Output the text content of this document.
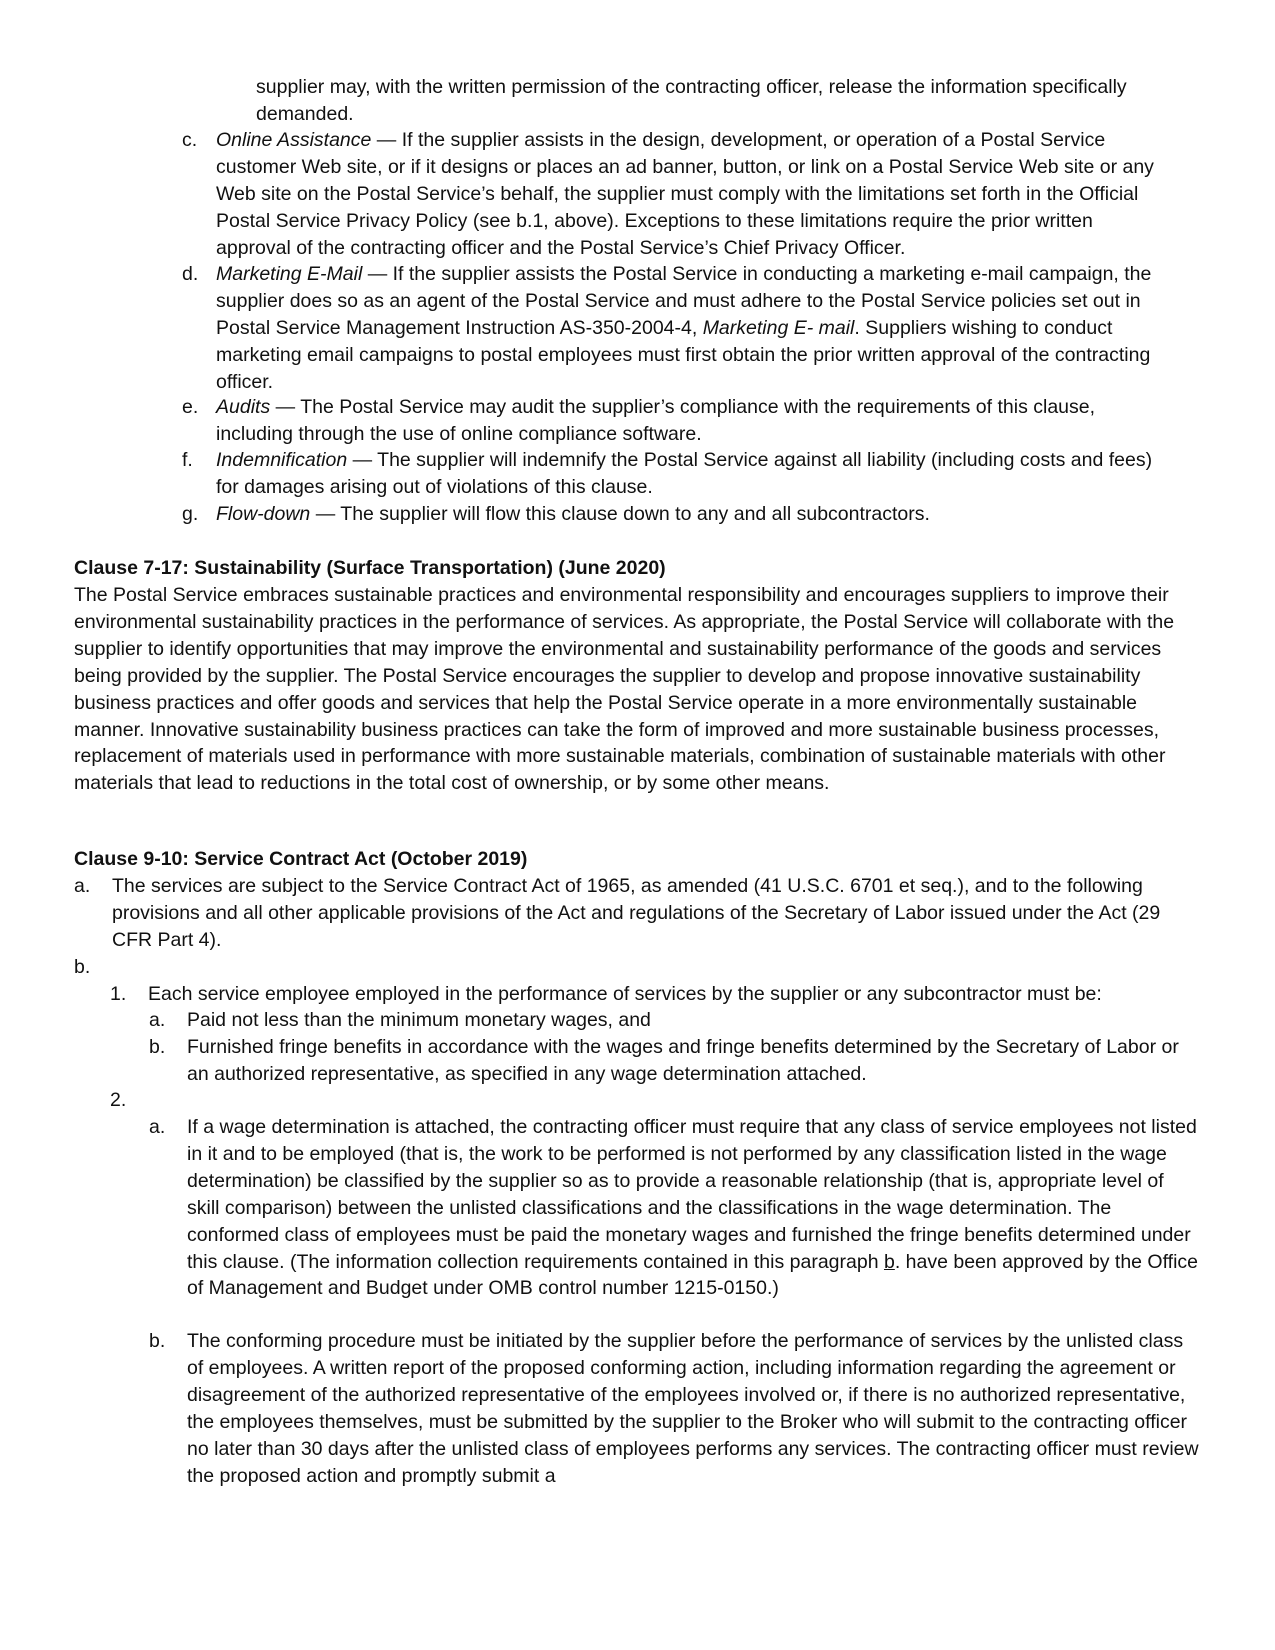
supplier may, with the written permission of the contracting officer, release the information specifically demanded.

c. Online Assistance — If the supplier assists in the design, development, or operation of a Postal Service customer Web site, or if it designs or places an ad banner, button, or link on a Postal Service Web site or any Web site on the Postal Service’s behalf, the supplier must comply with the limitations set forth in the Official Postal Service Privacy Policy (see b.1, above). Exceptions to these limitations require the prior written approval of the contracting officer and the Postal Service’s Chief Privacy Officer.

d. Marketing E-Mail — If the supplier assists the Postal Service in conducting a marketing e-mail campaign, the supplier does so as an agent of the Postal Service and must adhere to the Postal Service policies set out in Postal Service Management Instruction AS-350-2004-4, Marketing E- mail. Suppliers wishing to conduct marketing email campaigns to postal employees must first obtain the prior written approval of the contracting officer.

e. Audits — The Postal Service may audit the supplier’s compliance with the requirements of this clause, including through the use of online compliance software.

f. Indemnification — The supplier will indemnify the Postal Service against all liability (including costs and fees) for damages arising out of violations of this clause.

g. Flow-down — The supplier will flow this clause down to any and all subcontractors.

Clause 7-17: Sustainability (Surface Transportation) (June 2020)

The Postal Service embraces sustainable practices and environmental responsibility and encourages suppliers to improve their environmental sustainability practices in the performance of services. As appropriate, the Postal Service will collaborate with the supplier to identify opportunities that may improve the environmental and sustainability performance of the goods and services being provided by the supplier. The Postal Service encourages the supplier to develop and propose innovative sustainability business practices and offer goods and services that help the Postal Service operate in a more environmentally sustainable manner. Innovative sustainability business practices can take the form of improved and more sustainable business processes, replacement of materials used in performance with more sustainable materials, combination of sustainable materials with other materials that lead to reductions in the total cost of ownership, or by some other means.

Clause 9-10: Service Contract Act (October 2019)

a. The services are subject to the Service Contract Act of 1965, as amended (41 U.S.C. 6701 et seq.), and to the following provisions and all other applicable provisions of the Act and regulations of the Secretary of Labor issued under the Act (29 CFR Part 4).

b.
1. Each service employee employed in the performance of services by the supplier or any subcontractor must be:

a. Paid not less than the minimum monetary wages, and

b. Furnished fringe benefits in accordance with the wages and fringe benefits determined by the Secretary of Labor or an authorized representative, as specified in any wage determination attached.

2.
a. If a wage determination is attached, the contracting officer must require that any class of service employees not listed in it and to be employed (that is, the work to be performed is not performed by any classification listed in the wage determination) be classified by the supplier so as to provide a reasonable relationship (that is, appropriate level of skill comparison) between the unlisted classifications and the classifications in the wage determination. The conformed class of employees must be paid the monetary wages and furnished the fringe benefits determined under this clause. (The information collection requirements contained in this paragraph b. have been approved by the Office of Management and Budget under OMB control number 1215-0150.)

b. The conforming procedure must be initiated by the supplier before the performance of services by the unlisted class of employees. A written report of the proposed conforming action, including information regarding the agreement or disagreement of the authorized representative of the employees involved or, if there is no authorized representative, the employees themselves, must be submitted by the supplier to the Broker who will submit to the contracting officer no later than 30 days after the unlisted class of employees performs any services. The contracting officer must review the proposed action and promptly submit a
